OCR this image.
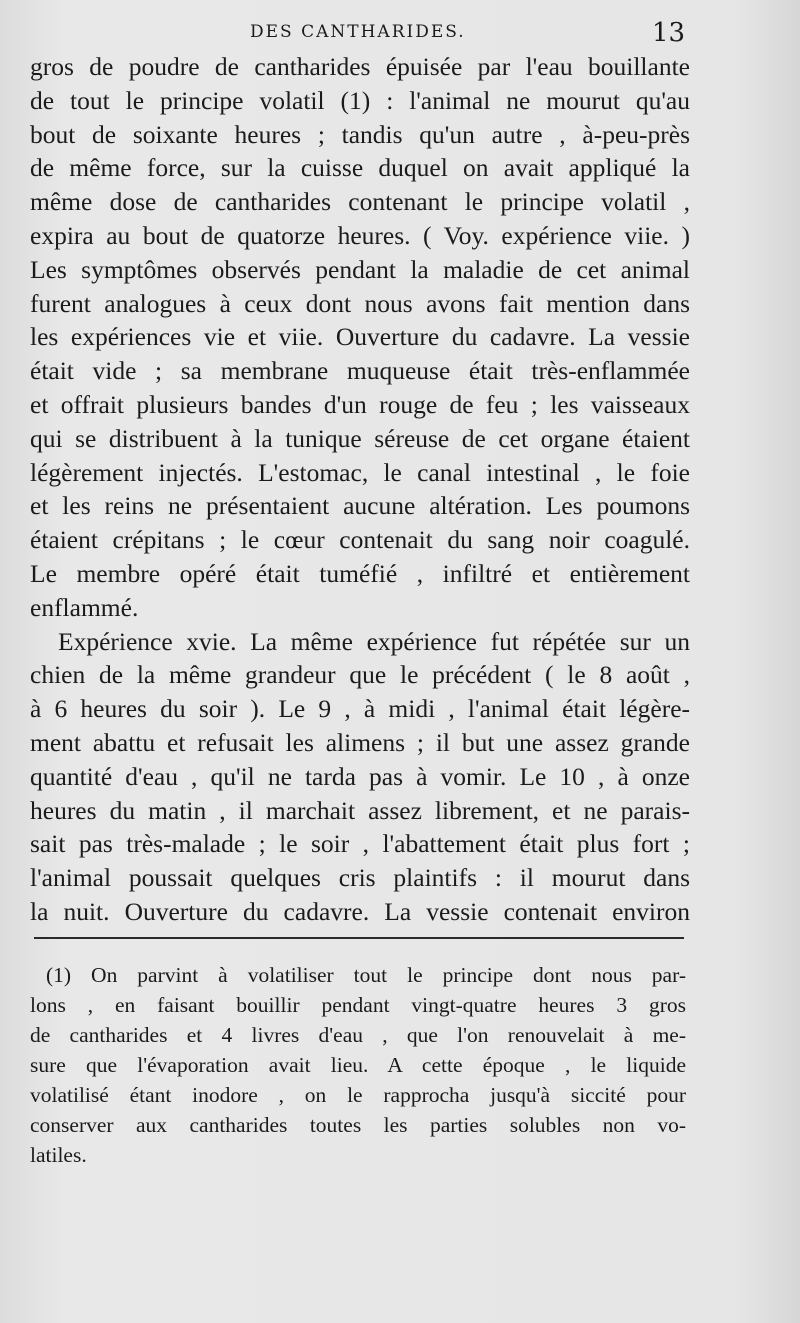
DES CANTHARIDES.	13
gros de poudre de cantharides épuisée par l'eau bouillante
de tout le principe volatil (1) : l'animal ne mourut qu'au
bout de soixante heures ; tandis qu'un autre , à-peu-près
de même force, sur la cuisse duquel on avait appliqué la
même dose de cantharides contenant le principe volatil ,
expira au bout de quatorze heures. ( Voy. expérience viie. )
Les symptômes observés pendant la maladie de cet animal
furent analogues à ceux dont nous avons fait mention dans
les expériences vie et viie. Ouverture du cadavre. La vessie
était vide ; sa membrane muqueuse était très-enflammée
et offrait plusieurs bandes d'un rouge de feu ; les vaisseaux
qui se distribuent à la tunique séreuse de cet organe étaient
légèrement injectés. L'estomac, le canal intestinal , le foie
et les reins ne présentaient aucune altération. Les poumons
étaient crépitans ; le cœur contenait du sang noir coagulé.
Le membre opéré était tuméfié , infiltré et entièrement
enflammé.
Expérience xvie. La même expérience fut répétée sur un
chien de la même grandeur que le précédent ( le 8 août ,
à 6 heures du soir ). Le 9 , à midi , l'animal était légère-
ment abattu et refusait les alimens ; il but une assez grande
quantité d'eau , qu'il ne tarda pas à vomir. Le 10 , à onze
heures du matin , il marchait assez librement, et ne parais-
sait pas très-malade ; le soir , l'abattement était plus fort ;
l'animal poussait quelques cris plaintifs : il mourut dans
la nuit. Ouverture du cadavre. La vessie contenait environ
(1) On parvint à volatiliser tout le principe dont nous par-
lons , en faisant bouillir pendant vingt-quatre heures 3 gros
de cantharides et 4 livres d'eau , que l'on renouvelait à me-
sure que l'évaporation avait lieu. A cette époque , le liquide
volatilisé étant inodore , on le rapprocha jusqu'à siccité pour
conserver aux cantharides toutes les parties solubles non vo-
latiles.
